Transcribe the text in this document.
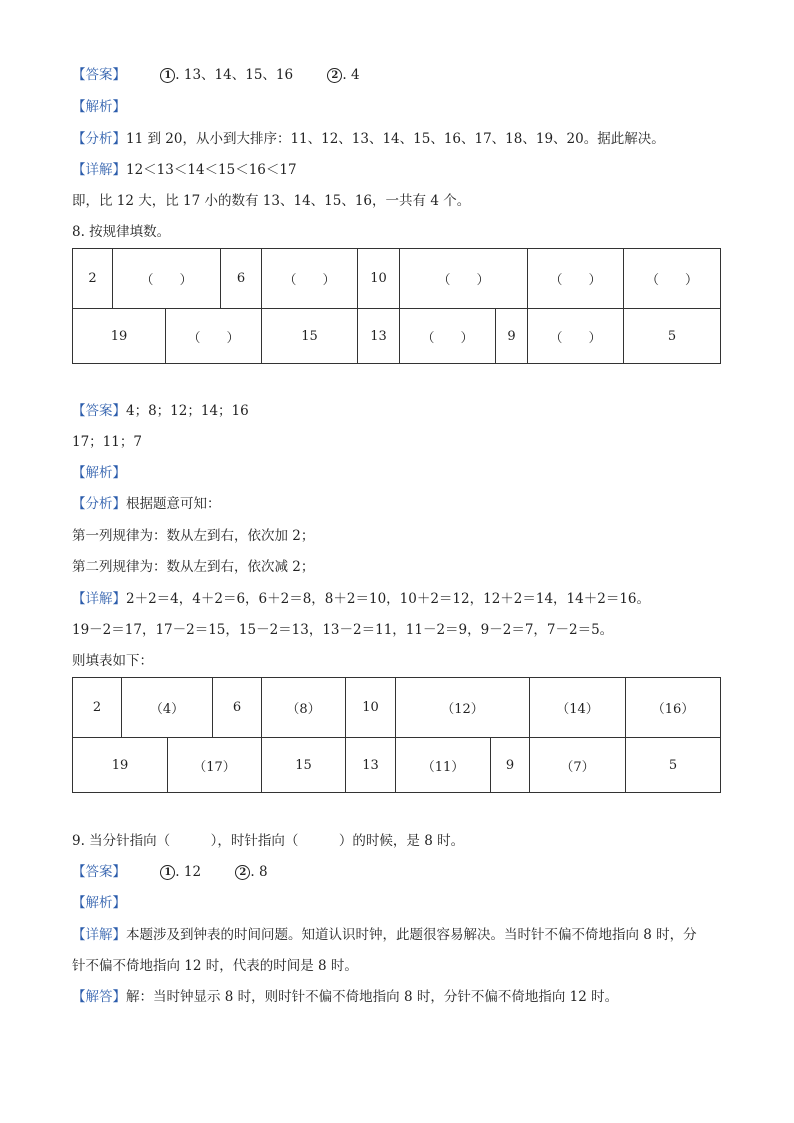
【答案】	1 . 13、14、15、16	2 . 4
【解析】
【分析】11 到 20，从小到大排序：11、12、13、14、15、16、17、18、19、20。据此解决。
【详解】12＜13＜14＜15＜16＜17
即，比 12 大，比 17 小的数有 13、14、15、16，一共有 4 个。
8. 按规律填数。
2	（　　）		6	（　　）	10	（　　）		（　　）	（　　）
19		（　　）		15	13	（　　）	9	（　　）	5
【答案】4；8；12；14；16
17；11；7
【解析】
【分析】根据题意可知：
第一列规律为：数从左到右，依次加 2；
第二列规律为：数从左到右，依次减 2；
【详解】2＋2＝4，4＋2＝6，6＋2＝8，8＋2＝10，10＋2＝12，12＋2＝14，14＋2＝16。
19－2＝17，17－2＝15，15－2＝13，13－2＝11，11－2＝9，9－2＝7，7－2＝5。
则填表如下：
2	（4）		6	（8）	10	（12）		（14）	（16）
19		（17）		15	13	（11）	9	（7）	5
9. 当分针指向（　　　），时针指向（　　　）的时候，是 8 时。
【答案】	1 . 12	2 . 8
【解析】
【详解】本题涉及到钟表的时间问题。知道认识时钟，此题很容易解决。当时针不偏不倚地指向 8 时，分
针不偏不倚地指向 12 时，代表的时间是 8 时。
【解答】解：当时钟显示 8 时，则时针不偏不倚地指向 8 时，分针不偏不倚地指向 12 时。
